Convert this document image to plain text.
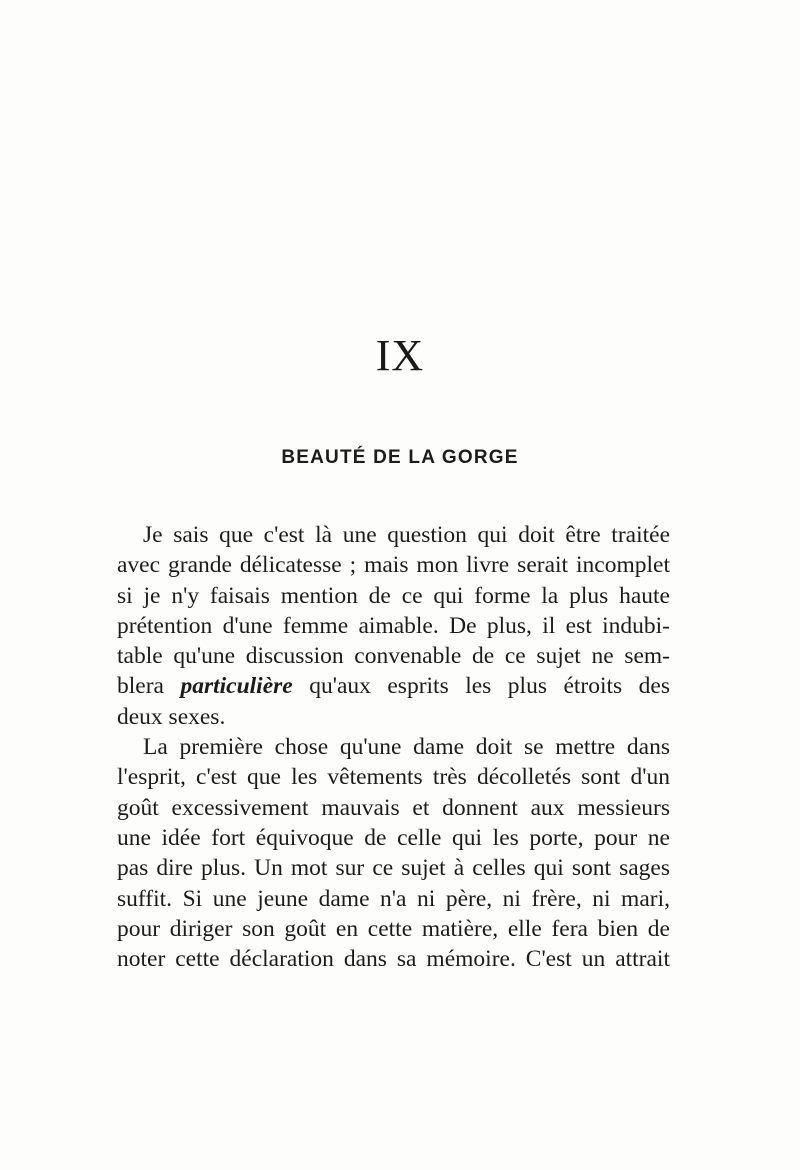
IX
BEAUTÉ DE LA GORGE
Je sais que c'est là une question qui doit être traitée
avec grande délicatesse ; mais mon livre serait incomplet
si je n'y faisais mention de ce qui forme la plus haute
prétention d'une femme aimable. De plus, il est indubi-
table qu'une discussion convenable de ce sujet ne sem-
blera particulière qu'aux esprits les plus étroits des
deux sexes.
La première chose qu'une dame doit se mettre dans
l'esprit, c'est que les vêtements très décolletés sont d'un
goût excessivement mauvais et donnent aux messieurs
une idée fort équivoque de celle qui les porte, pour ne
pas dire plus. Un mot sur ce sujet à celles qui sont sages
suffit. Si une jeune dame n'a ni père, ni frère, ni mari,
pour diriger son goût en cette matière, elle fera bien de
noter cette déclaration dans sa mémoire. C'est un attrait
